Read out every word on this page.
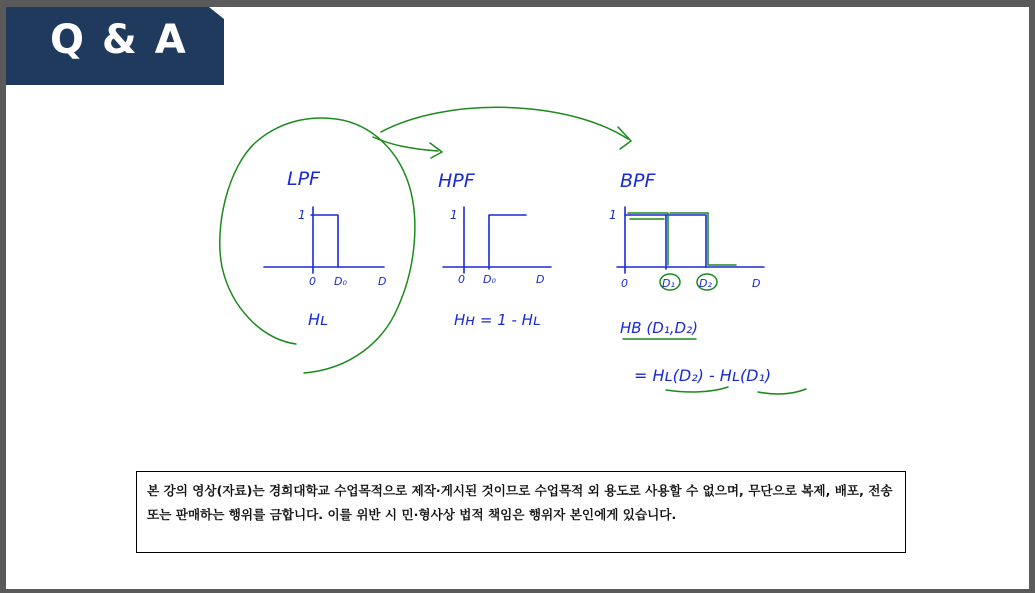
Q & A
LPF
1
0 D₀	D
Hʟ
HPF
1
0 D₀	D
Hʜ = 1 - Hʟ
BPF
1
0	D₁ D₂	D
HB (D₁,D₂)
= Hʟ(D₂) - Hʟ(D₁)
본 강의 영상(자료)는 경희대학교 수업목적으로 제작·게시된 것이므로 수업목적 외 용도로 사용할 수 없으며, 무단으로 복제, 배포, 전송 또는 판매하는 행위를 금합니다. 이를 위반 시 민·형사상 법적 책임은 행위자 본인에게 있습니다.
